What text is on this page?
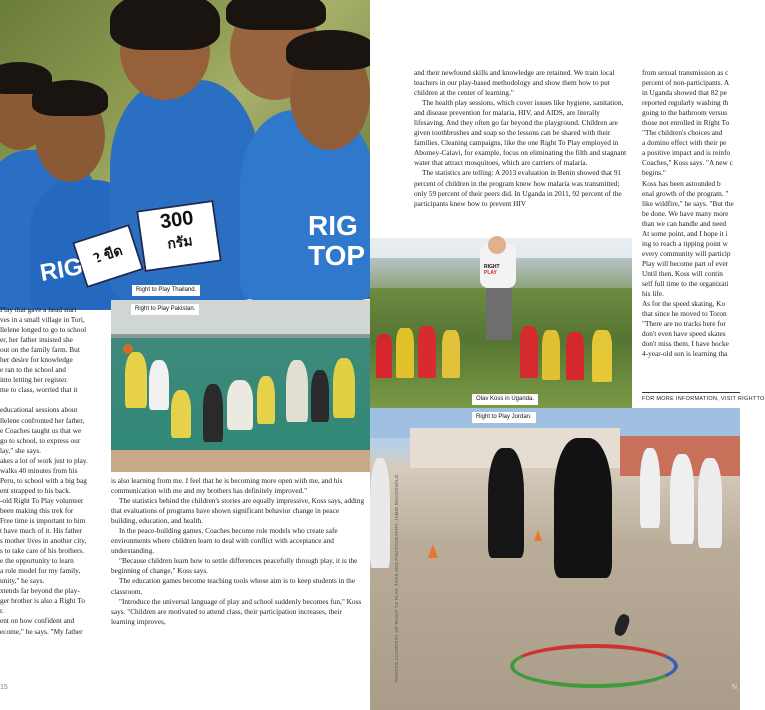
300
กรัม
2 ขีด
RIG
TOP
RIGH
Right to Play Thailand.
Right to Play Pakistan.
Play that gave a head start
ves in a small village in Tori,
llelene longed to go to school
er, her father insisted she
out on the family farm. But
her desire for knowledge
e ran to the school and
into letting her register.
me to class, worried that it
educational sessions about
llelene confronted her father,
e Coaches taught us that we
go to school, to express our
lay," she says.
akes a lot of work just to play.
walks 40 minutes from his
Peru, to school with a big bag
ent strapped to his back.
-old Right To Play volunteer
been making this trek for
Free time is important to him
t have much of it. His father
s mother lives in another city,
s to take care of his brothers.
e the opportunity to learn
a role model for my family,
unity," he says.
xtends far beyond the play-
ger brother is also a Right To
r.
ent on how confident and
ecome," he says. "My father

is also learning from me. I feel that he is becoming more open with me, and his communication with me and my brothers has definitely improved."

The statistics behind the children's stories are equally impressive, Koss says, adding that evaluations of programs have shown significant behavior change in peace building, education, and health.

In the peace-building games, Coaches become role models who create safe environments where children learn to deal with conflict with acceptance and understanding.

"Because children learn how to settle differences peacefully through play, it is the beginning of change," Koss says.

The education games become teaching tools whose aim is to keep students in the classroom.

"Introduce the universal language of play and school suddenly becomes fun," Koss says. "Children are motivated to attend class, their participation increases, their learning improves,

15

and their newfound skills and knowledge are retained. We train local teachers in our play-based methodology and show them how to put children at the center of learning."

The health play sessions, which cover issues like hygiene, sanitation, and disease prevention for malaria, HIV, and AIDS, are literally lifesaving. And they often go far beyond the playground. Children are given toothbrushes and soap so the lessons can be shared with their families. Cleaning campaigns, like the one Right To Play employed in Abomey-Calavi, for example, focus on eliminating the filth and stagnant water that attract mosquitoes, which are carriers of malaria.

The statistics are telling: A 2013 evaluation in Benin showed that 91 percent of children in the program knew how malaria was transmitted; only 59 percent of their peers did. In Uganda in 2011, 92 percent of the participants knew how to prevent HIV

from sexual transmission as c
percent of non-participants. A
in Uganda showed that 82 pe
reported regularly washing th
going to the bathroom versus
those not enrolled in Right To
"The children's choices and
a domino effect with their pe
a positive impact and is reinfo
Coaches," Koss says. "A new c
begins."
Koss has been astounded b
enal growth of the program. "
like wildfire," he says. "But the
be done. We have many more
than we can handle and need
At some point, and I hope it i
ing to reach a tipping point w
every community will particip
Play will become part of ever
Until then, Koss will contin
self full time to the organizati
his life.
As for the speed skating, Ko
that since he moved to Toron
"There are no tracks here for
don't even have speed skates
don't miss them. I have hocke
4-year-old son is learning tha
FOR MORE INFORMATION, VISIT RIGHTTO
RIGHT
PLAY
Olav Koss in Uganda.
Right to Play Jordan.
PHOTOS COURTESY OF RIGHT TO PLAY. THAILAND PHOTOGRAPHY: JAMIE MACDONALD
N
